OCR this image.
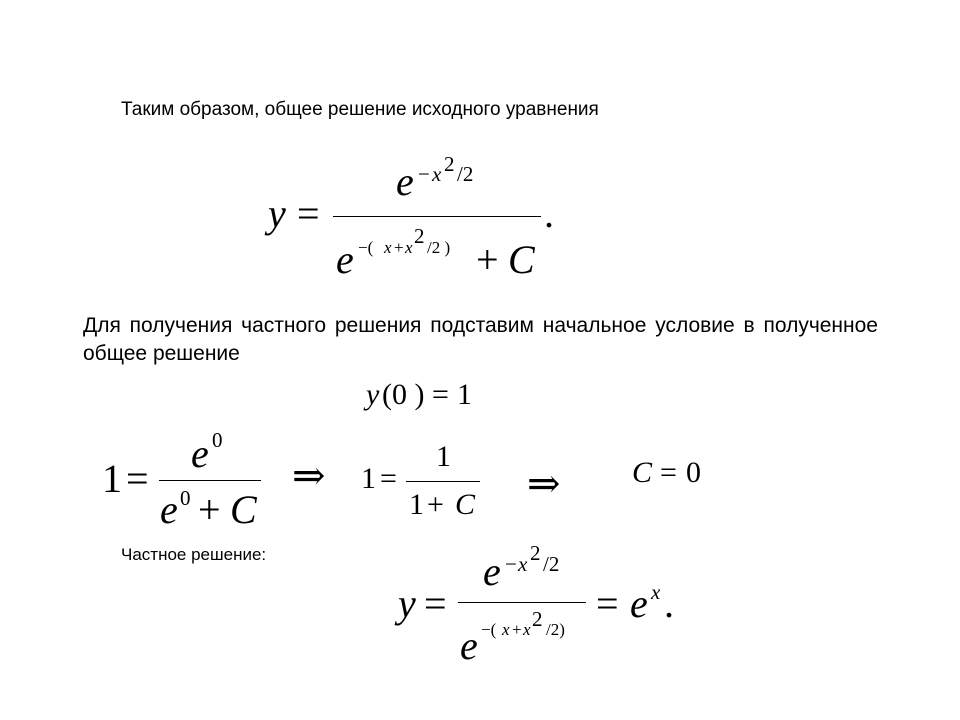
Таким образом, общее решение исходного уравнения
y =
e − x 2 /2
.
e −( x + x 2 /2 ) + C
Для получения частного решения подставим начальное условие в полученное общее решение
y (0 ) = 1
1 =
e 0
e 0 + C
⇒ 1 =
1
1 + C ⇒ C = 0
Частное решение:
y =
e − x 2 /2
e −( x + x 2 /2)
= e x .
